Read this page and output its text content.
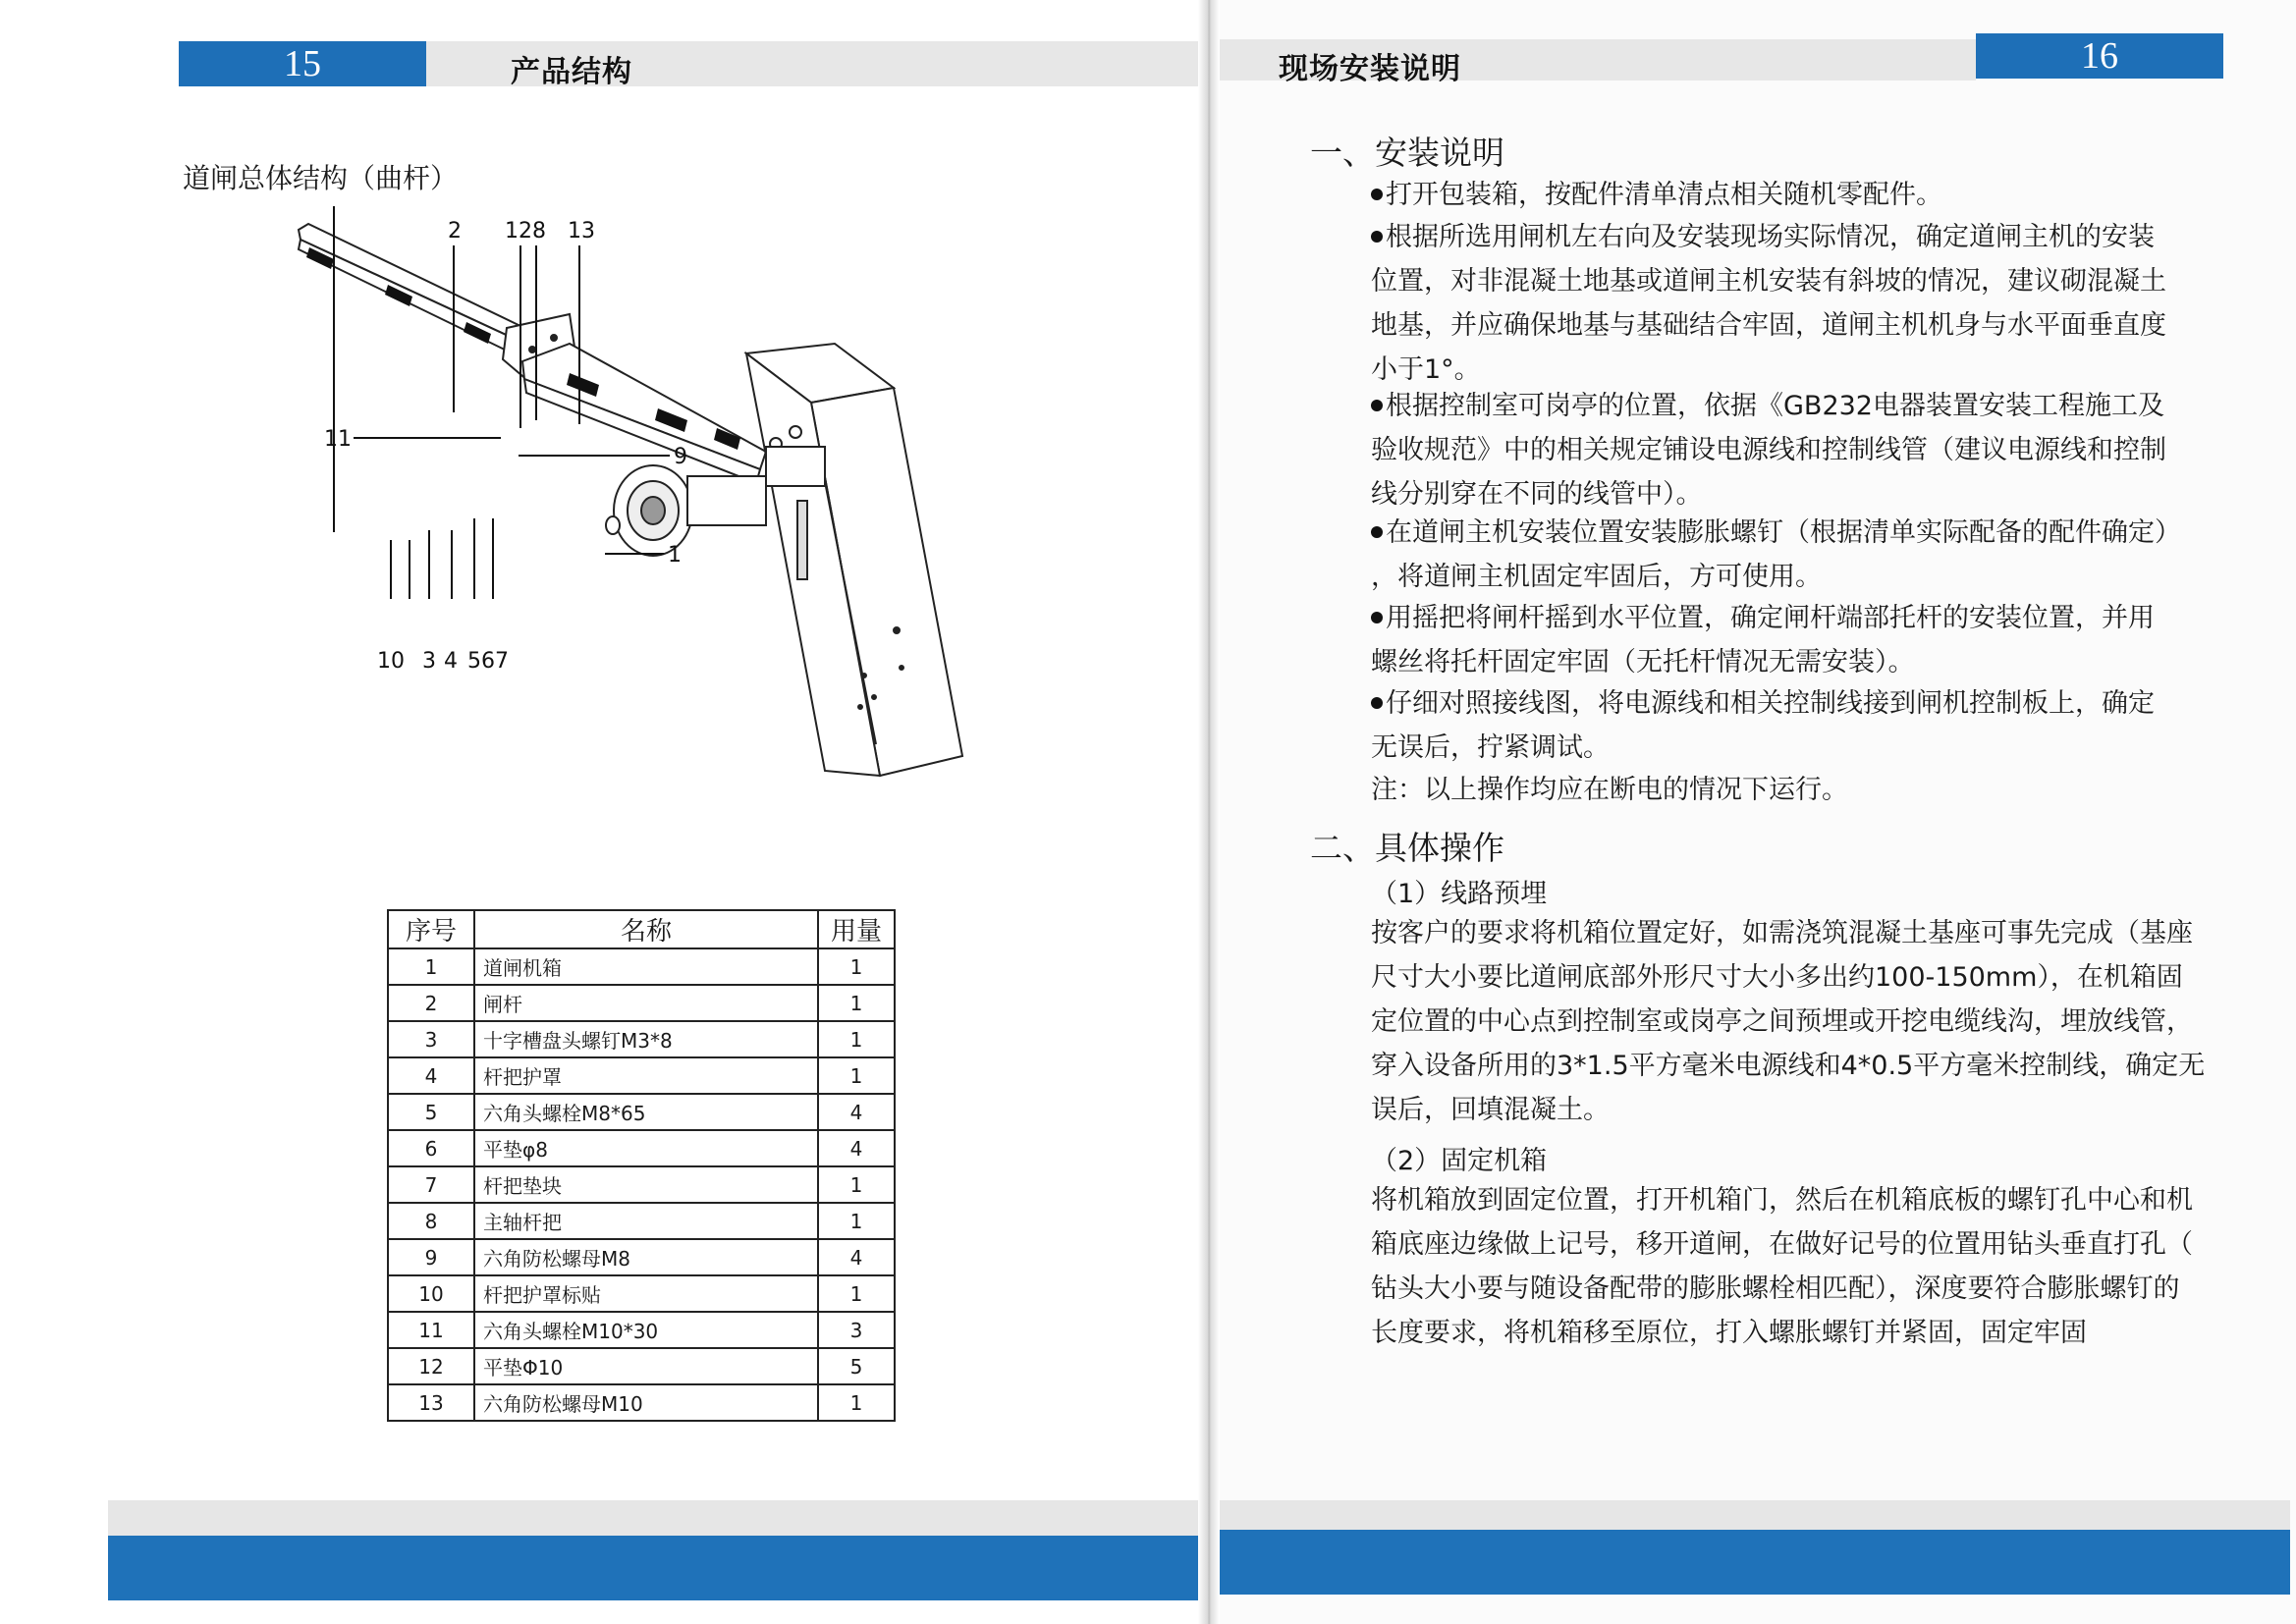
15	产品结构
道闸总体结构（曲杆）
2 12 8 13
11
9
1
10 3 4 5 6 7
序号	名称	用量
1	道闸机箱	1
2	闸杆	1
3	十字槽盘头螺钉M3*8	1
4	杆把护罩	1
5	六角头螺栓M8*65	4
6	平垫φ8	4
7	杆把垫块	1
8	主轴杆把	1
9	六角防松螺母M8	4
10	杆把护罩标贴	1
11	六角头螺栓M10*30	3
12	平垫Φ10	5
13	六角防松螺母M10	1
现场安装说明	16
一、安装说明
打开包装箱，按配件清单清点相关随机零配件。
根据所选用闸机左右向及安装现场实际情况，确定道闸主机的安装
位置，对非混凝土地基或道闸主机安装有斜坡的情况，建议砌混凝土
地基，并应确保地基与基础结合牢固，道闸主机机身与水平面垂直度
小于1°。
根据控制室可岗亭的位置，依据《GB232电器装置安装工程施工及
验收规范》中的相关规定铺设电源线和控制线管（建议电源线和控制
线分别穿在不同的线管中）。
在道闸主机安装位置安装膨胀螺钉（根据清单实际配备的配件确定）
，将道闸主机固定牢固后，方可使用。
用摇把将闸杆摇到水平位置，确定闸杆端部托杆的安装位置，并用
螺丝将托杆固定牢固（无托杆情况无需安装）。
仔细对照接线图，将电源线和相关控制线接到闸机控制板上，确定
无误后，拧紧调试。
注：以上操作均应在断电的情况下运行。
二、具体操作
（1）线路预埋
按客户的要求将机箱位置定好，如需浇筑混凝土基座可事先完成（基座
尺寸大小要比道闸底部外形尺寸大小多出约100-150mm），在机箱固
定位置的中心点到控制室或岗亭之间预埋或开挖电缆线沟，埋放线管，
穿入设备所用的3*1.5平方毫米电源线和4*0.5平方毫米控制线，确定无
误后，回填混凝土。
（2）固定机箱
将机箱放到固定位置，打开机箱门，然后在机箱底板的螺钉孔中心和机
箱底座边缘做上记号，移开道闸，在做好记号的位置用钻头垂直打孔（
钻头大小要与随设备配带的膨胀螺栓相匹配），深度要符合膨胀螺钉的
长度要求，将机箱移至原位，打入螺胀螺钉并紧固，固定牢固
